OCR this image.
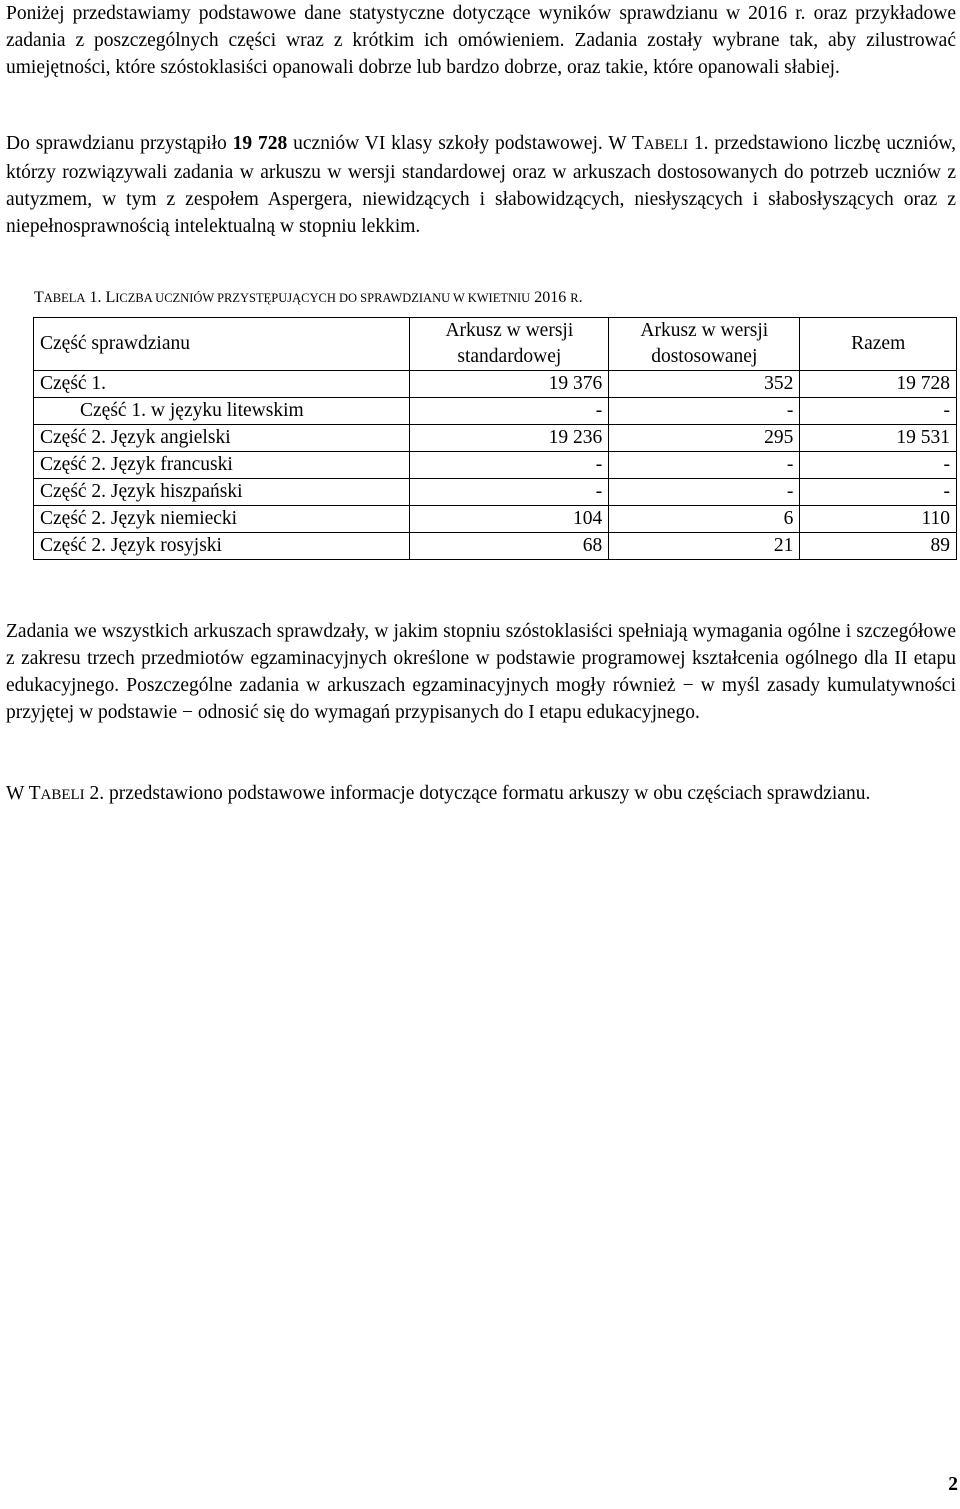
Poniżej przedstawiamy podstawowe dane statystyczne dotyczące wyników sprawdzianu w 2016 r. oraz przykładowe zadania z poszczególnych części wraz z krótkim ich omówieniem. Zadania zostały wybrane tak, aby zilustrować umiejętności, które szóstoklasiści opanowali dobrze lub bardzo dobrze, oraz takie, które opanowali słabiej.

Do sprawdzianu przystąpiło 19 728 uczniów VI klasy szkoły podstawowej. W TABELI 1. przedstawiono liczbę uczniów, którzy rozwiązywali zadania w arkuszu w wersji standardowej oraz w arkuszach dostosowanych do potrzeb uczniów z autyzmem, w tym z zespołem Aspergera, niewidzących i słabowidzących, niesłyszących i słabosłyszących oraz z niepełnosprawnością intelektualną w stopniu lekkim.

TABELA 1. LICZBA UCZNIÓW PRZYSTĘPUJĄCYCH DO SPRAWDZIANU W KWIETNIU 2016 R.
Część sprawdzianu	Arkusz w wersji standardowej	Arkusz w wersji dostosowanej	Razem
Część 1.	19 376	352	19 728
Część 1. w języku litewskim	-	-	-
Część 2. Język angielski	19 236	295	19 531
Część 2. Język francuski	-	-	-
Część 2. Język hiszpański	-	-	-
Część 2. Język niemiecki	104	6	110
Część 2. Język rosyjski	68	21	89

Zadania we wszystkich arkuszach sprawdzały, w jakim stopniu szóstoklasiści spełniają wymagania ogólne i szczegółowe z zakresu trzech przedmiotów egzaminacyjnych określone w podstawie programowej kształcenia ogólnego dla II etapu edukacyjnego. Poszczególne zadania w arkuszach egzaminacyjnych mogły również − w myśl zasady kumulatywności przyjętej w podstawie − odnosić się do wymagań przypisanych do I etapu edukacyjnego.

W TABELI 2. przedstawiono podstawowe informacje dotyczące formatu arkuszy w obu częściach sprawdzianu.

2
